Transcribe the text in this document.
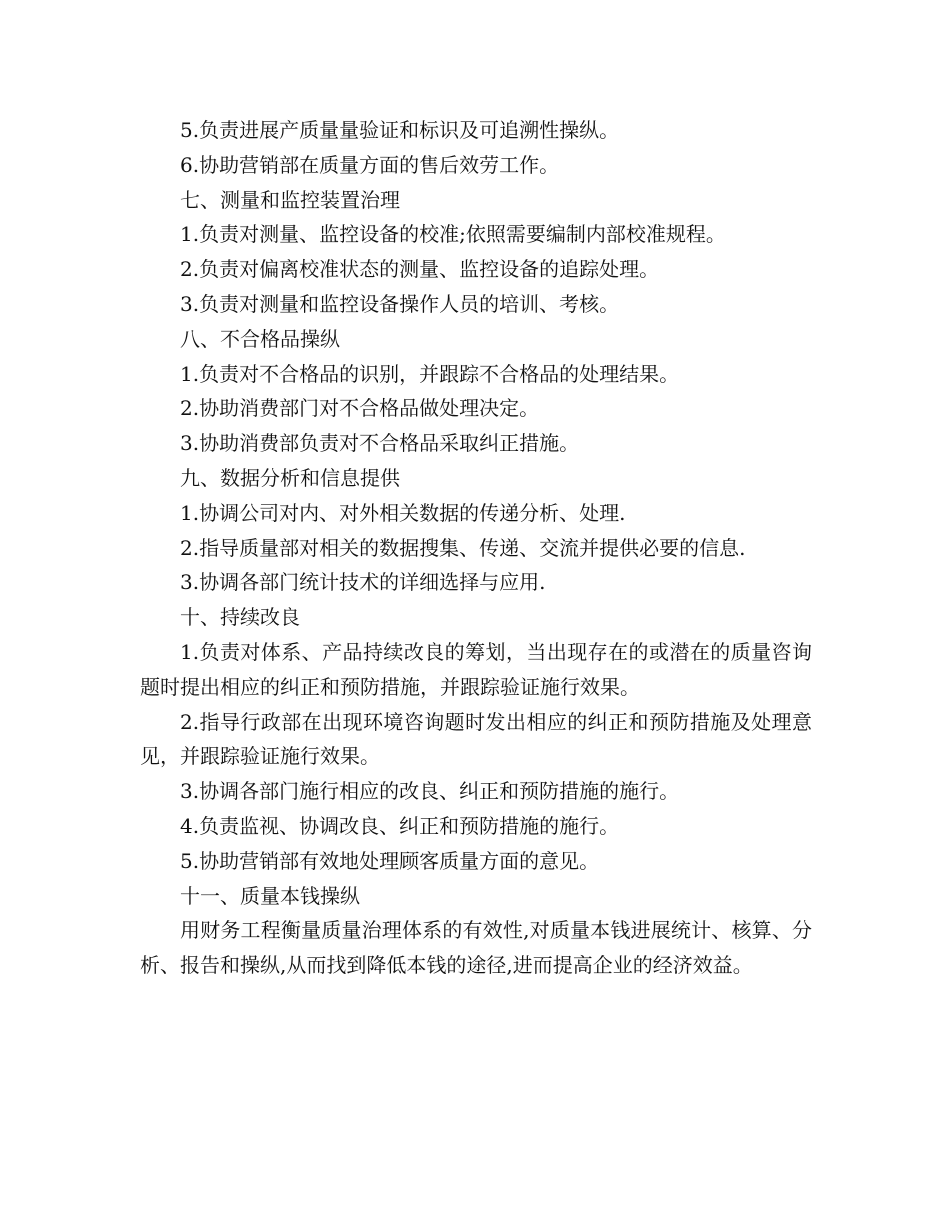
5.负责进展产质量量验证和标识及可追溯性操纵。

6.协助营销部在质量方面的售后效劳工作。

七、测量和监控装置治理

1.负责对测量、监控设备的校准;依照需要编制内部校准规程。

2.负责对偏离校准状态的测量、监控设备的追踪处理。

3.负责对测量和监控设备操作人员的培训、考核。

八、不合格品操纵

1.负责对不合格品的识别，并跟踪不合格品的处理结果。

2.协助消费部门对不合格品做处理决定。

3.协助消费部负责对不合格品采取纠正措施。

九、数据分析和信息提供

1.协调公司对内、对外相关数据的传递分析、处理.

2.指导质量部对相关的数据搜集、传递、交流并提供必要的信息.

3.协调各部门统计技术的详细选择与应用.

十、持续改良

1.负责对体系、产品持续改良的筹划，当出现存在的或潜在的质量咨询题时提出相应的纠正和预防措施，并跟踪验证施行效果。

2.指导行政部在出现环境咨询题时发出相应的纠正和预防措施及处理意见，并跟踪验证施行效果。

3.协调各部门施行相应的改良、纠正和预防措施的施行。

4.负责监视、协调改良、纠正和预防措施的施行。

5.协助营销部有效地处理顾客质量方面的意见。

十一、质量本钱操纵

用财务工程衡量质量治理体系的有效性,对质量本钱进展统计、核算、分析、报告和操纵,从而找到降低本钱的途径,进而提高企业的经济效益。
